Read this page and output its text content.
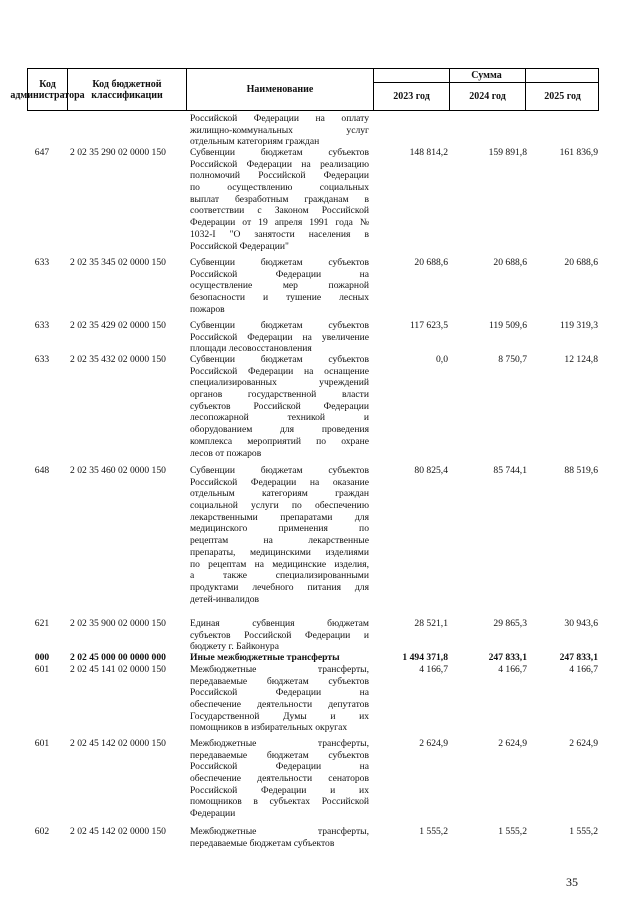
Код администратора
Код бюджетной классификации	Наименование
Сумма
2023 год	2024 год	2025 год
Российской Федерации на оплату
жилищно-коммунальных услуг
отдельным категориям граждан
647	2 02 35 290 02 0000 150	Субвенции бюджетам субъектов
Российской Федерации на реализацию
полномочий Российской Федерации
по осуществлению социальных
выплат безработным гражданам в
соответствии с Законом Российской
Федерации от 19 апреля 1991 года №
1032-I "О занятости населения в
Российской Федерации"
148 814,2	159 891,8	161 836,9
633	2 02 35 345 02 0000 150	Субвенции бюджетам субъектов
Российской Федерации на
осуществление мер пожарной
безопасности и тушение лесных
пожаров
20 688,6	20 688,6	20 688,6
633	2 02 35 429 02 0000 150	Субвенции бюджетам субъектов
Российской Федерации на увеличение
площади лесовосстановления
117 623,5	119 509,6	119 319,3
633	2 02 35 432 02 0000 150	Субвенции бюджетам субъектов
Российской Федерации на оснащение
специализированных учреждений
органов государственной власти
субъектов Российской Федерации
лесопожарной техникой и
оборудованием для проведения
комплекса мероприятий по охране
лесов от пожаров
0,0	8 750,7	12 124,8
648	2 02 35 460 02 0000 150	Субвенции бюджетам субъектов
Российской Федерации на оказание
отдельным категориям граждан
социальной услуги по обеспечению
лекарственными препаратами для
медицинского применения по
рецептам на лекарственные
препараты, медицинскими изделиями
по рецептам на медицинские изделия,
а также специализированными
продуктами лечебного питания для
детей-инвалидов
80 825,4	85 744,1	88 519,6
621	2 02 35 900 02 0000 150	Единая субвенция бюджетам
субъектов Российской Федерации и
бюджету г. Байконура
28 521,1	29 865,3	30 943,6
000	2 02 45 000 00 0000 000	Иные межбюджетные трансферты	1 494 371,8	247 833,1	247 833,1
601	2 02 45 141 02 0000 150	Межбюджетные трансферты,
передаваемые бюджетам субъектов
Российской Федерации на
обеспечение деятельности депутатов
Государственной Думы и их
помощников в избирательных округах
4 166,7	4 166,7	4 166,7
601	2 02 45 142 02 0000 150	Межбюджетные трансферты,
передаваемые бюджетам субъектов
Российской Федерации на
обеспечение деятельности сенаторов
Российской Федерации и их
помощников в субъектах Российской
Федерации
2 624,9	2 624,9	2 624,9
602	2 02 45 142 02 0000 150	Межбюджетные трансферты,
передаваемые бюджетам субъектов
1 555,2	1 555,2	1 555,2
35
